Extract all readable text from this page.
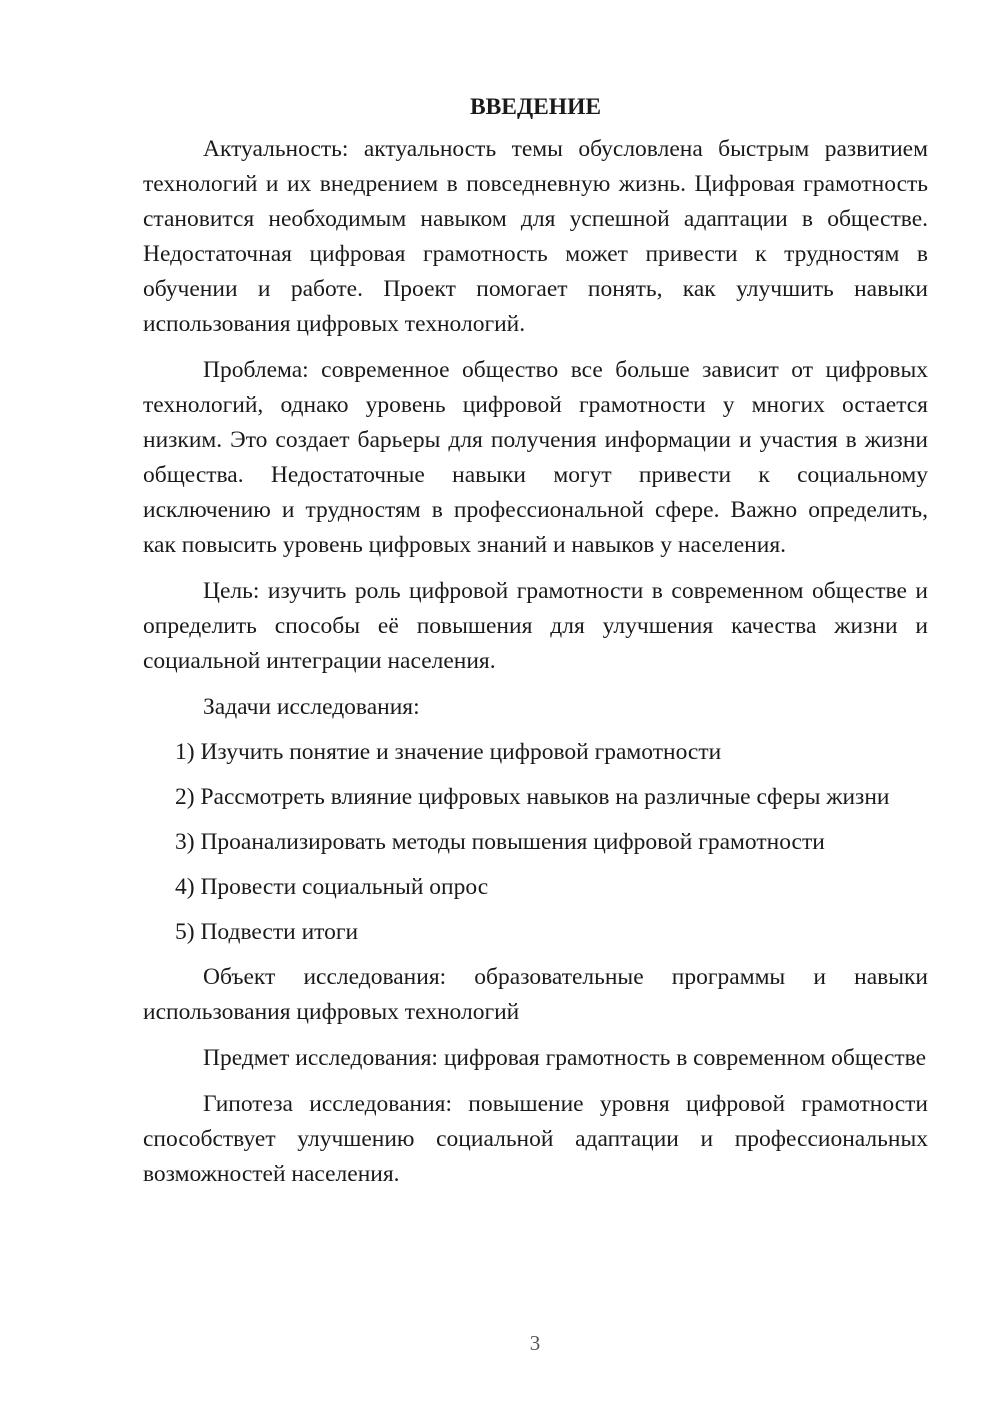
ВВЕДЕНИЕ

Актуальность: актуальность темы обусловлена быстрым развитием технологий и их внедрением в повседневную жизнь. Цифровая грамотность становится необходимым навыком для успешной адаптации в обществе. Недостаточная цифровая грамотность может привести к трудностям в обучении и работе. Проект помогает понять, как улучшить навыки использования цифровых технологий.

Проблема: современное общество все больше зависит от цифровых технологий, однако уровень цифровой грамотности у многих остается низким. Это создает барьеры для получения информации и участия в жизни общества. Недостаточные навыки могут привести к социальному исключению и трудностям в профессиональной сфере. Важно определить, как повысить уровень цифровых знаний и навыков у населения.

Цель: изучить роль цифровой грамотности в современном обществе и определить способы её повышения для улучшения качества жизни и социальной интеграции населения.

Задачи исследования:

1) Изучить понятие и значение цифровой грамотности

2) Рассмотреть влияние цифровых навыков на различные сферы жизни

3) Проанализировать методы повышения цифровой грамотности

4) Провести социальный опрос

5) Подвести итоги

Объект исследования: образовательные программы и навыки использования цифровых технологий

Предмет исследования: цифровая грамотность в современном обществе

Гипотеза исследования: повышение уровня цифровой грамотности способствует улучшению социальной адаптации и профессиональных возможностей населения.

3
